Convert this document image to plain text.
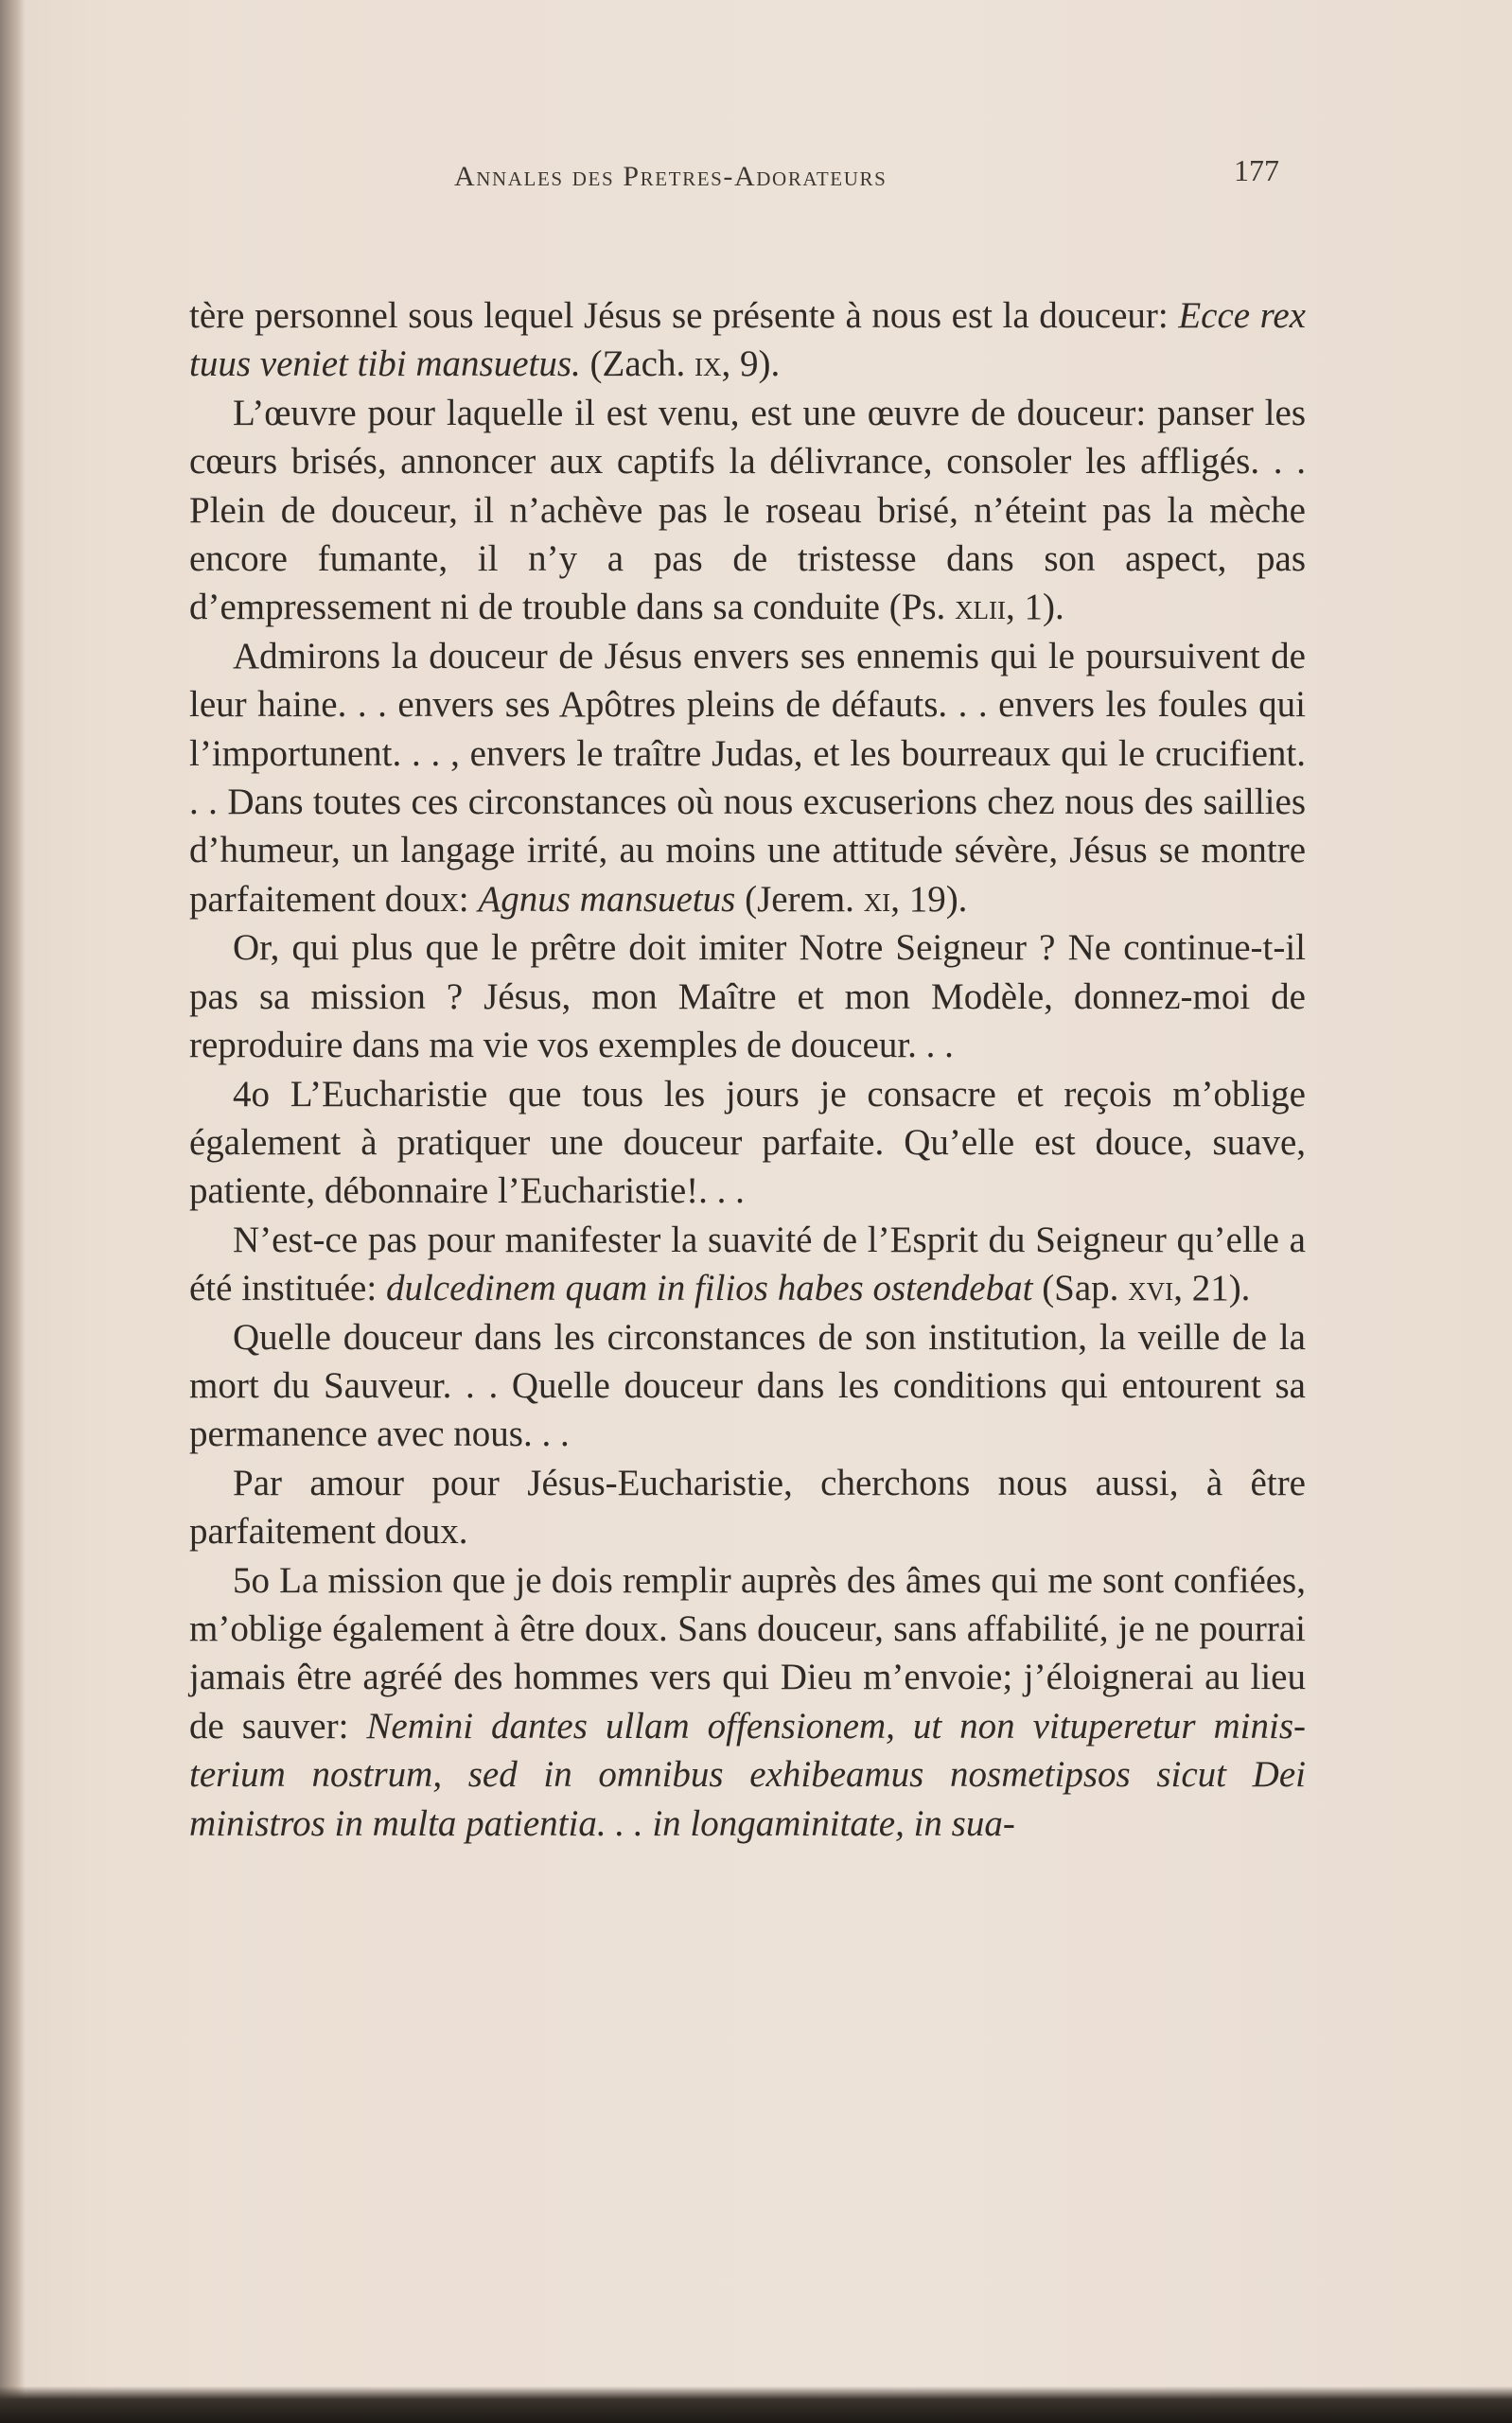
Annales des Pretres-Adorateurs	177

tère personnel sous lequel Jésus se présente à nous est la douceur: Ecce rex tuus veniet tibi mansuetus. (Zach. ix, 9).

L’œuvre pour laquelle il est venu, est une œuvre de douceur: panser les cœurs brisés, annoncer aux captifs la délivrance, consoler les affligés. . . Plein de douceur, il n’achève pas le roseau brisé, n’éteint pas la mèche encore fumante, il n’y a pas de tristesse dans son aspect, pas d’empressement ni de trouble dans sa conduite (Ps. xlii, 1).

Admirons la douceur de Jésus envers ses ennemis qui le poursuivent de leur haine. . . envers ses Apôtres pleins de défauts. . . envers les foules qui l’importunent. . . , envers le traître Judas, et les bourreaux qui le crucifient. . . Dans toutes ces circonstances où nous excuserions chez nous des saillies d’humeur, un langage irrité, au moins une attitude sévère, Jésus se montre parfaitement doux: Agnus mansuetus (Jerem. xi, 19).

Or, qui plus que le prêtre doit imiter Notre Seigneur ? Ne continue-t-il pas sa mission ? Jésus, mon Maître et mon Modèle, donnez-moi de reproduire dans ma vie vos exemples de douceur. . .

4o L’Eucharistie que tous les jours je consacre et reçois m’oblige également à pratiquer une douceur parfaite. Qu’elle est douce, suave, patiente, débonnaire l’Eucharistie!. . .

N’est-ce pas pour manifester la suavité de l’Esprit du Seigneur qu’elle a été instituée: dulcedinem quam in filios habes ostendebat (Sap. xvi, 21).

Quelle douceur dans les circonstances de son institution, la veille de la mort du Sauveur. . . Quelle douceur dans les conditions qui entourent sa permanence avec nous. . .

Par amour pour Jésus-Eucharistie, cherchons nous aussi, à être parfaitement doux.

5o La mission que je dois remplir auprès des âmes qui me sont confiées, m’oblige également à être doux. Sans douceur, sans affabilité, je ne pourrai jamais être agréé des hommes vers qui Dieu m’envoie; j’éloignerai au lieu de sauver: Nemini dantes ullam offensionem, ut non vituperetur ministerium nostrum, sed in omnibus exhibeamus nosmetipsos sicut Dei ministros in multa patientia. . . in longaminitate, in sua-
